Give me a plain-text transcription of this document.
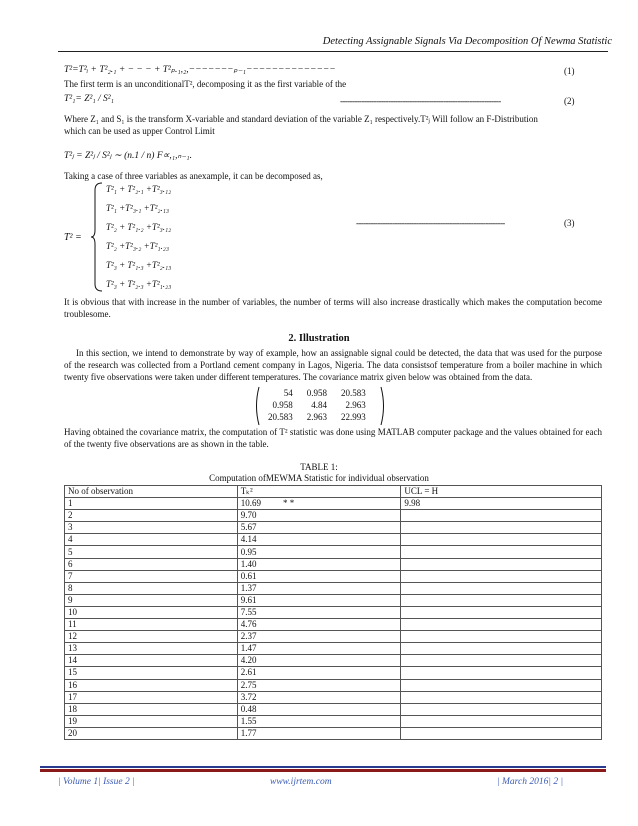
Detecting Assignable Signals Via Decomposition Of Newma Statistic
T²=T²ᵢ + T²₂.₁ + − − − + T²ₚ.₁,₂,−−−−−−−ₚ₋₁−−−−−−−−−−−−−−	(1)
The first term is an unconditionalT², decomposing it as the first variable of the
T²₁= Z²₁ / S²₁	-------------------------------------------------------------------	(2)
Where Z₁ and S₁ is the transform X-variable and standard deviation of the variable Z₁ respectively.T²ⱼ Will follow an F-Distribution
which can be used as upper Control Limit
T²ⱼ = Z²ⱼ / S²ⱼ ∼ (n.1 / n) F∝,₁,ₙ₋₁.
Taking a case of three variables as anexample, it can be decomposed as,
T² =
T²₁ + T²₂.₁ +T²₃.₁₂
T²₁ +T²₃.₁ +T²₂.₁₃
T²₂ + T²₁.₂ +T²₃.₁₂
T²₂ +T²₃.₂ +T²₁.₂₃
T²₃ + T²₁.₃ +T²₂.₁₃
T²₃ + T²₂.₃ +T²₁.₂₃
--------------------------------------------------------------	(3)
It is obvious that with increase in the number of variables, the number of terms will also increase drastically which makes the computation become troublesome.
2. Illustration
In this section, we intend to demonstrate by way of example, how an assignable signal could be detected, the data that was used for the purpose of the research was collected from a Portland cement company in Lagos, Nigeria. The data consistsof temperature from a boiler machine in which twenty five observations were taken under different temperatures. The covariance matrix given below was obtained from the data.
54	0.958	20.583
0.958	4.84	2.963
20.583	2.963	22.993
Having obtained the covariance matrix, the computation of T² statistic was done using MATLAB computer package and the values obtained for each of the twenty five observations are as shown in the table.
TABLE 1:
Computation ofMEWMA Statistic for individual observation
No of observation	Tₖ²	UCL = H
1	10.69 * *	9.98
2	9.70	
3	5.67	
4	4.14	
5	0.95	
6	1.40	
7	0.61	
8	1.37	
9	9.61	
10	7.55	
11	4.76	
12	2.37	
13	1.47	
14	4.20	
15	2.61	
16	2.75	
17	3.72	
18	0.48	
19	1.55	
20	1.77	
| Volume 1| Issue 2 |	www.ijrtem.com	| March 2016| 2 |
